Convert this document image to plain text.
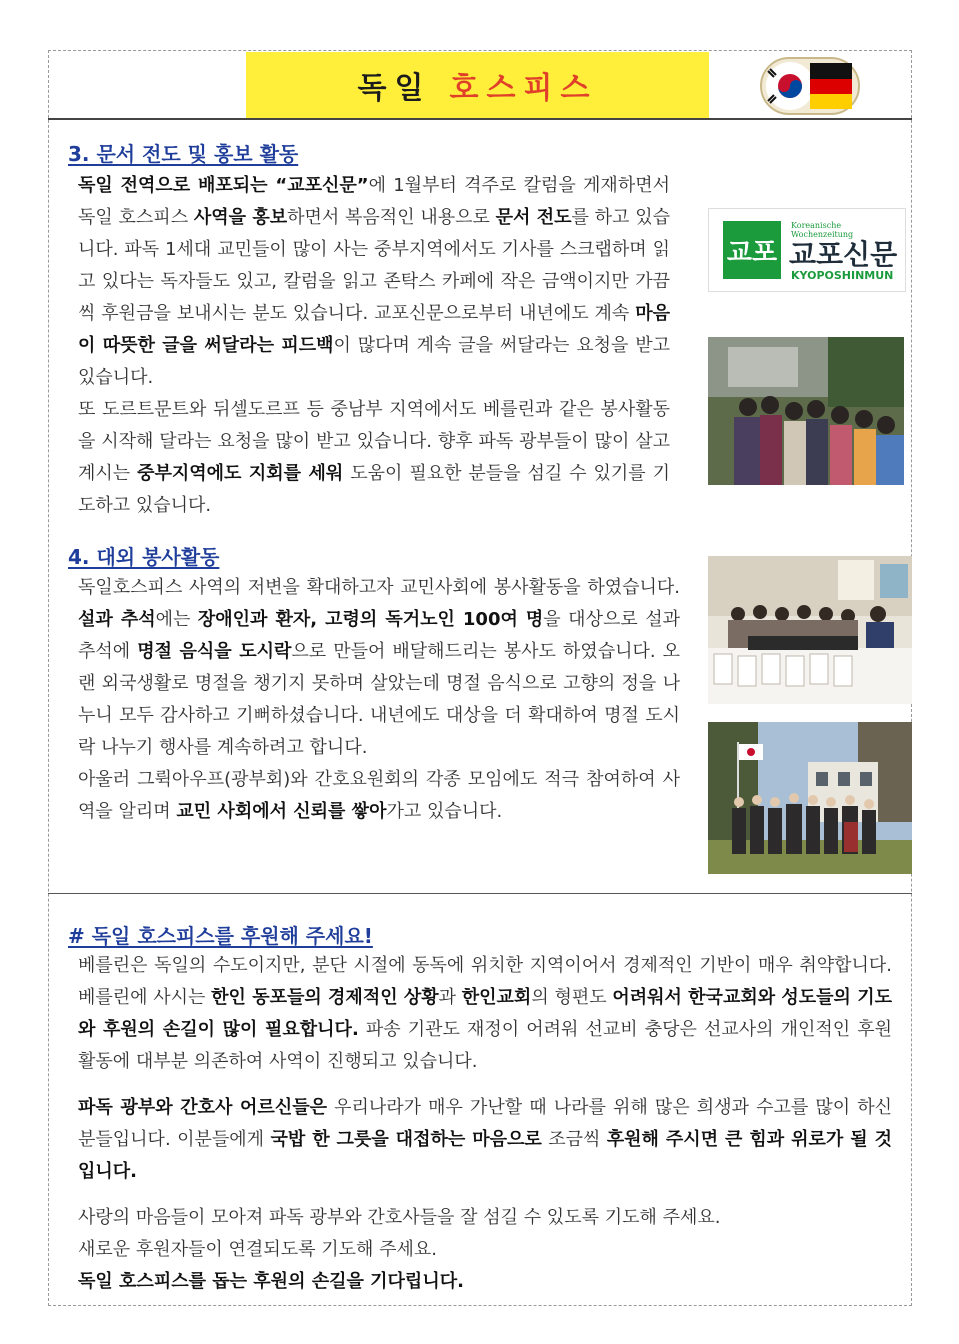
독일 호스피스
3. 문서 전도 및 홍보 활동

독일 전역으로 배포되는 “교포신문”에 1월부터 격주로 칼럼을 게재하면서 독일 호스피스 사역을 홍보하면서 복음적인 내용으로 문서 전도를 하고 있습니다. 파독 1세대 교민들이 많이 사는 중부지역에서도 기사를 스크랩하며 읽고 있다는 독자들도 있고, 칼럼을 읽고 존탁스 카페에 작은 금액이지만 가끔씩 후원금을 보내시는 분도 있습니다. 교포신문으로부터 내년에도 계속 마음이 따뜻한 글을 써달라는 피드백이 많다며 계속 글을 써달라는 요청을 받고 있습니다.
또 도르트문트와 뒤셀도르프 등 중남부 지역에서도 베를린과 같은 봉사활동을 시작해 달라는 요청을 많이 받고 있습니다. 향후 파독 광부들이 많이 살고 계시는 중부지역에도 지회를 세워 도움이 필요한 분들을 섬길 수 있기를 기도하고 있습니다.

교포
Koreanische Wochenzeitung
교포신문
KYOPOSHINMUN
4. 대외 봉사활동

독일호스피스 사역의 저변을 확대하고자 교민사회에 봉사활동을 하였습니다. 설과 추석에는 장애인과 환자, 고령의 독거노인 100여 명을 대상으로 설과 추석에 명절 음식을 도시락으로 만들어 배달해드리는 봉사도 하였습니다. 오랜 외국생활로 명절을 챙기지 못하며 살았는데 명절 음식으로 고향의 정을 나누니 모두 감사하고 기뻐하셨습니다. 내년에도 대상을 더 확대하여 명절 도시락 나누기 행사를 계속하려고 합니다.
아울러 그뤽아우프(광부회)와 간호요원회의 각종 모임에도 적극 참여하여 사역을 알리며 교민 사회에서 신뢰를 쌓아가고 있습니다.

# 독일 호스피스를 후원해 주세요!

베를린은 독일의 수도이지만, 분단 시절에 동독에 위치한 지역이어서 경제적인 기반이 매우 취약합니다. 베를린에 사시는 한인 동포들의 경제적인 상황과 한인교회의 형편도 어려워서 한국교회와 성도들의 기도와 후원의 손길이 많이 필요합니다. 파송 기관도 재정이 어려워 선교비 충당은 선교사의 개인적인 후원 활동에 대부분 의존하여 사역이 진행되고 있습니다.

파독 광부와 간호사 어르신들은 우리나라가 매우 가난할 때 나라를 위해 많은 희생과 수고를 많이 하신 분들입니다. 이분들에게 국밥 한 그릇을 대접하는 마음으로 조금씩 후원해 주시면 큰 힘과 위로가 될 것입니다.

사랑의 마음들이 모아져 파독 광부와 간호사들을 잘 섬길 수 있도록 기도해 주세요.
새로운 후원자들이 연결되도록 기도해 주세요.
독일 호스피스를 돕는 후원의 손길을 기다립니다.
